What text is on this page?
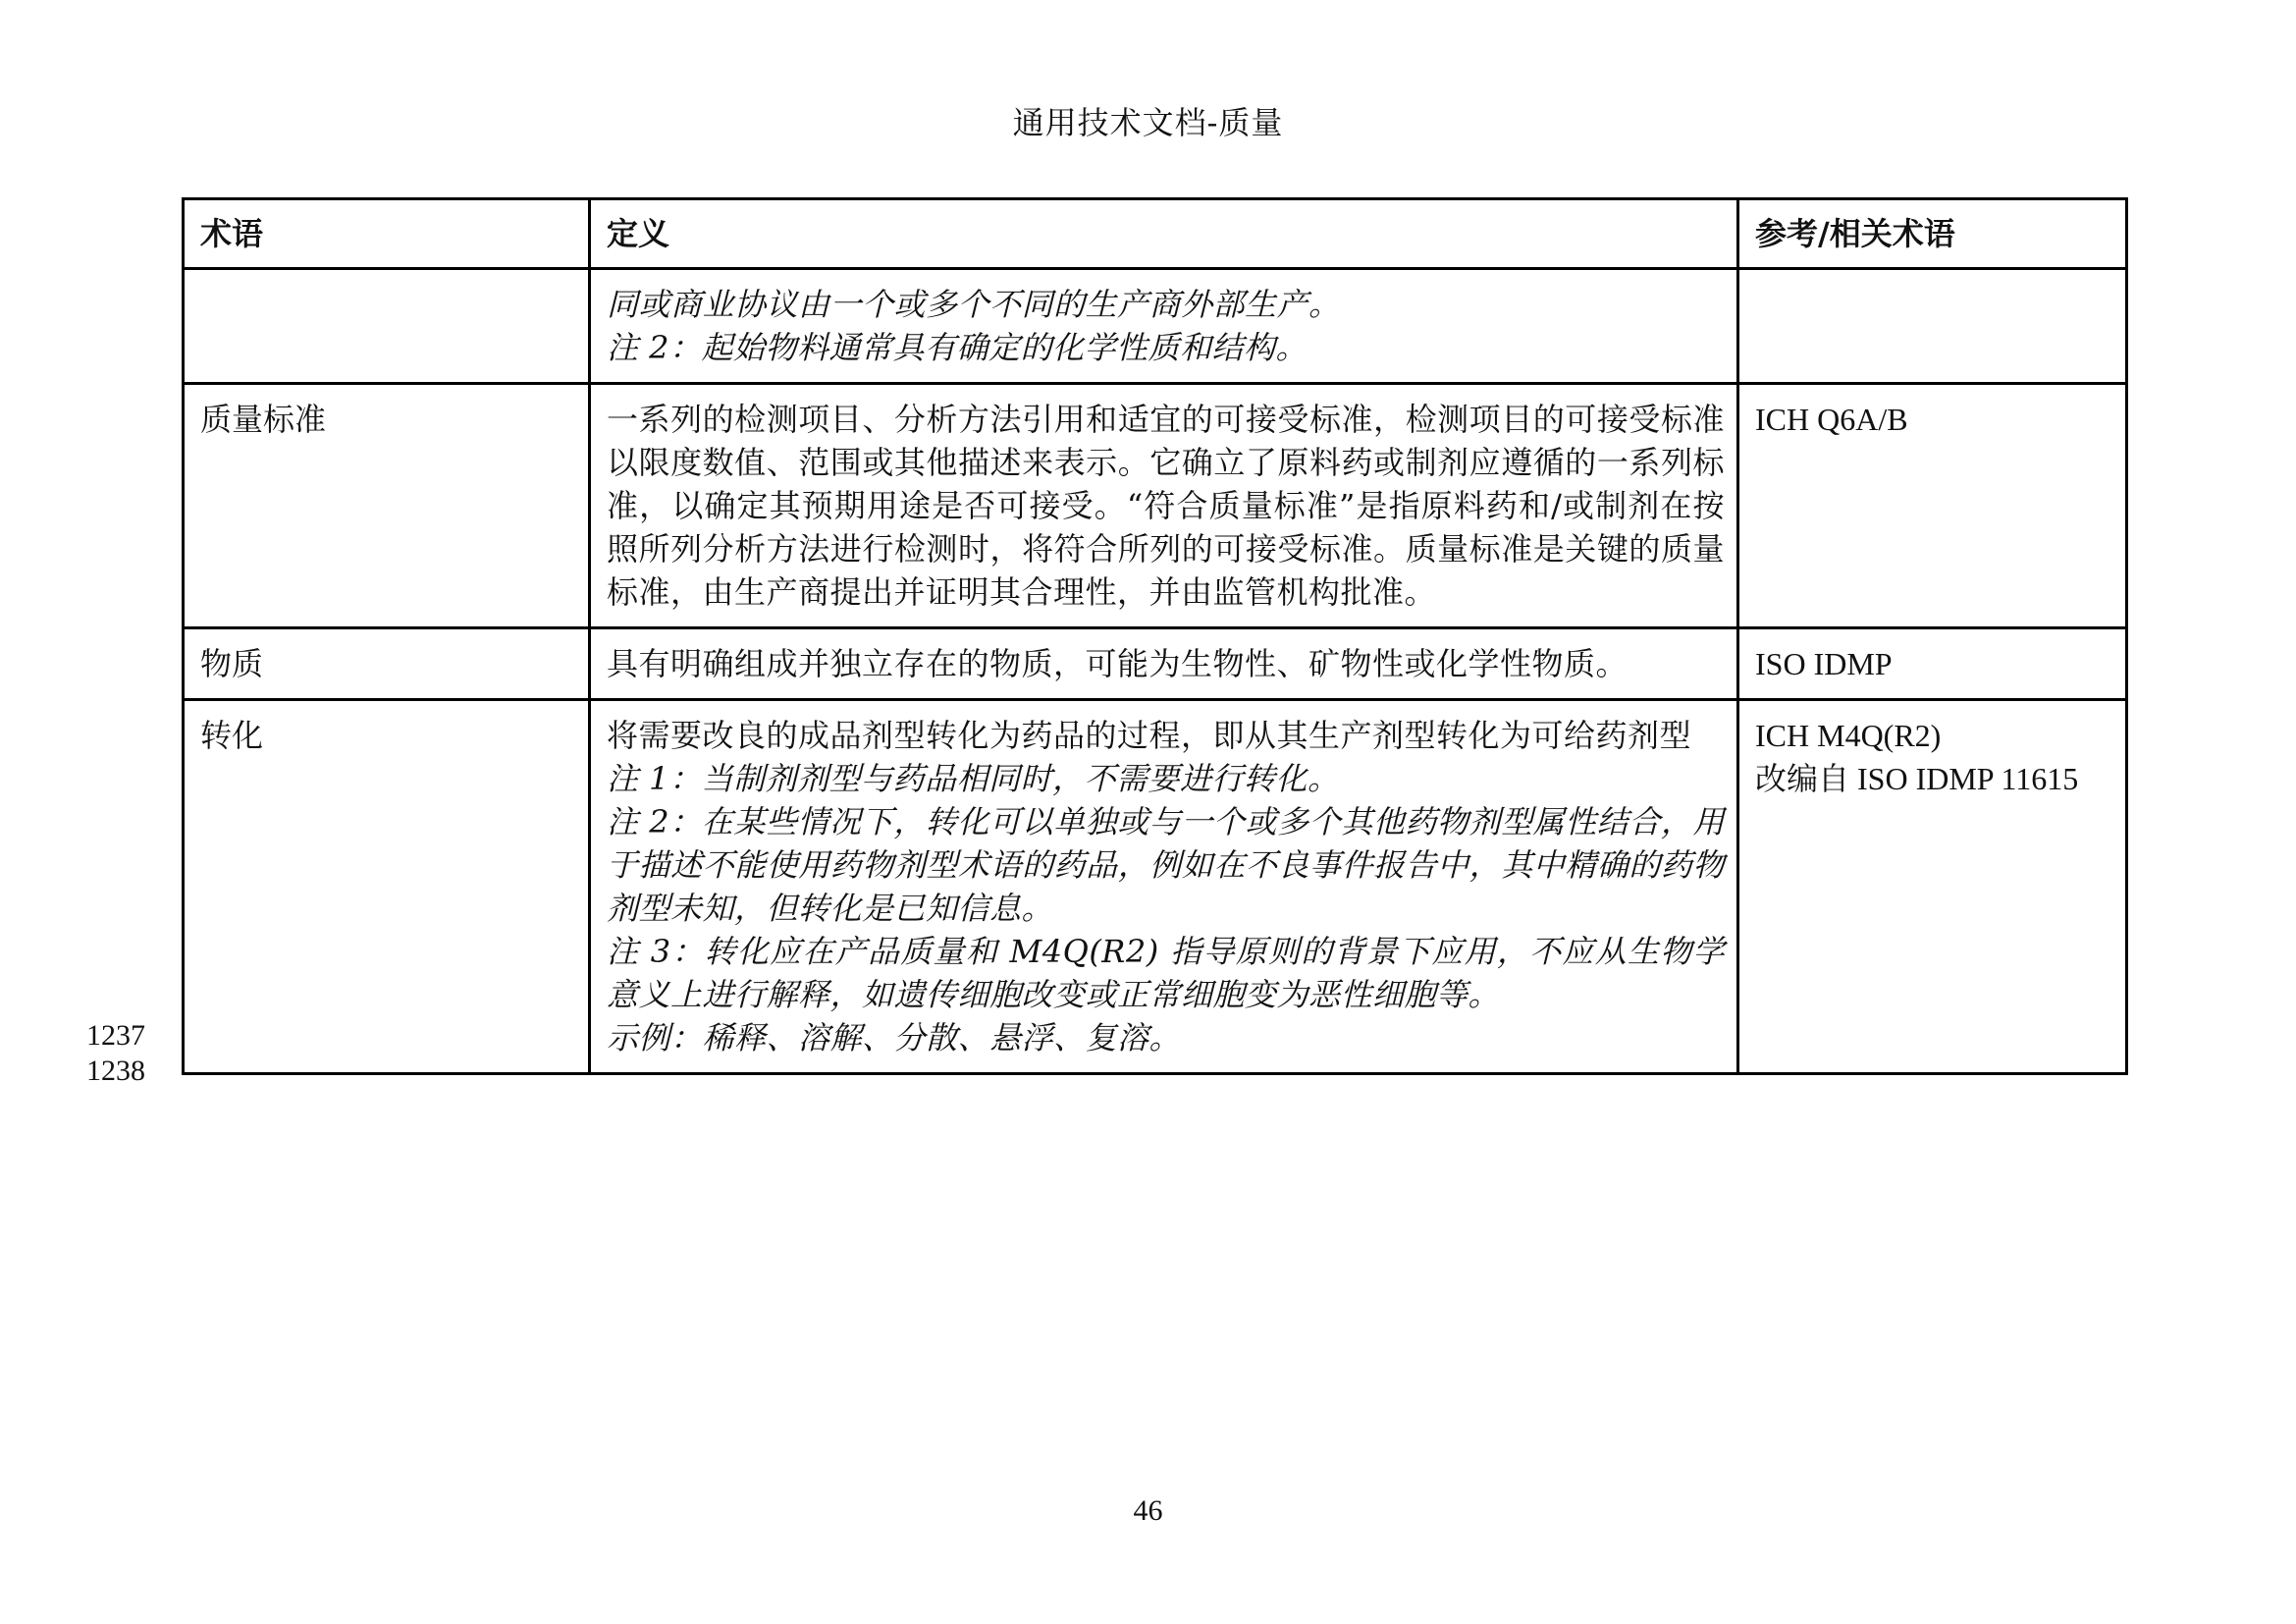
通用技术文档-质量
术语	定义	参考/相关术语

	同或商业协议由一个或多个不同的生产商外部生产。
注 2：起始物料通常具有确定的化学性质和结构。	

质量标准	一系列的检测项目、分析方法引用和适宜的可接受标准，检测项目的可接受标准以限度数值、范围或其他描述来表示。它确立了原料药或制剂应遵循的一系列标准，以确定其预期用途是否可接受。“符合质量标准”是指原料药和/或制剂在按照所列分析方法进行检测时，将符合所列的可接受标准。质量标准是关键的质量标准，由生产商提出并证明其合理性，并由监管机构批准。	ICH Q6A/B

物质	具有明确组成并独立存在的物质，可能为生物性、矿物性或化学性物质。	ISO IDMP

转化	将需要改良的成品剂型转化为药品的过程，即从其生产剂型转化为可给药剂型
注 1：当制剂剂型与药品相同时，不需要进行转化。
注 2：在某些情况下，转化可以单独或与一个或多个其他药物剂型属性结合，用于描述不能使用药物剂型术语的药品，例如在不良事件报告中，其中精确的药物剂型未知，但转化是已知信息。
注 3：转化应在产品质量和 M4Q(R2) 指导原则的背景下应用，不应从生物学意义上进行解释，如遗传细胞改变或正常细胞变为恶性细胞等。
示例：稀释、溶解、分散、悬浮、复溶。	ICH M4Q(R2)
改编自 ISO IDMP 11615
1237
1238
46
